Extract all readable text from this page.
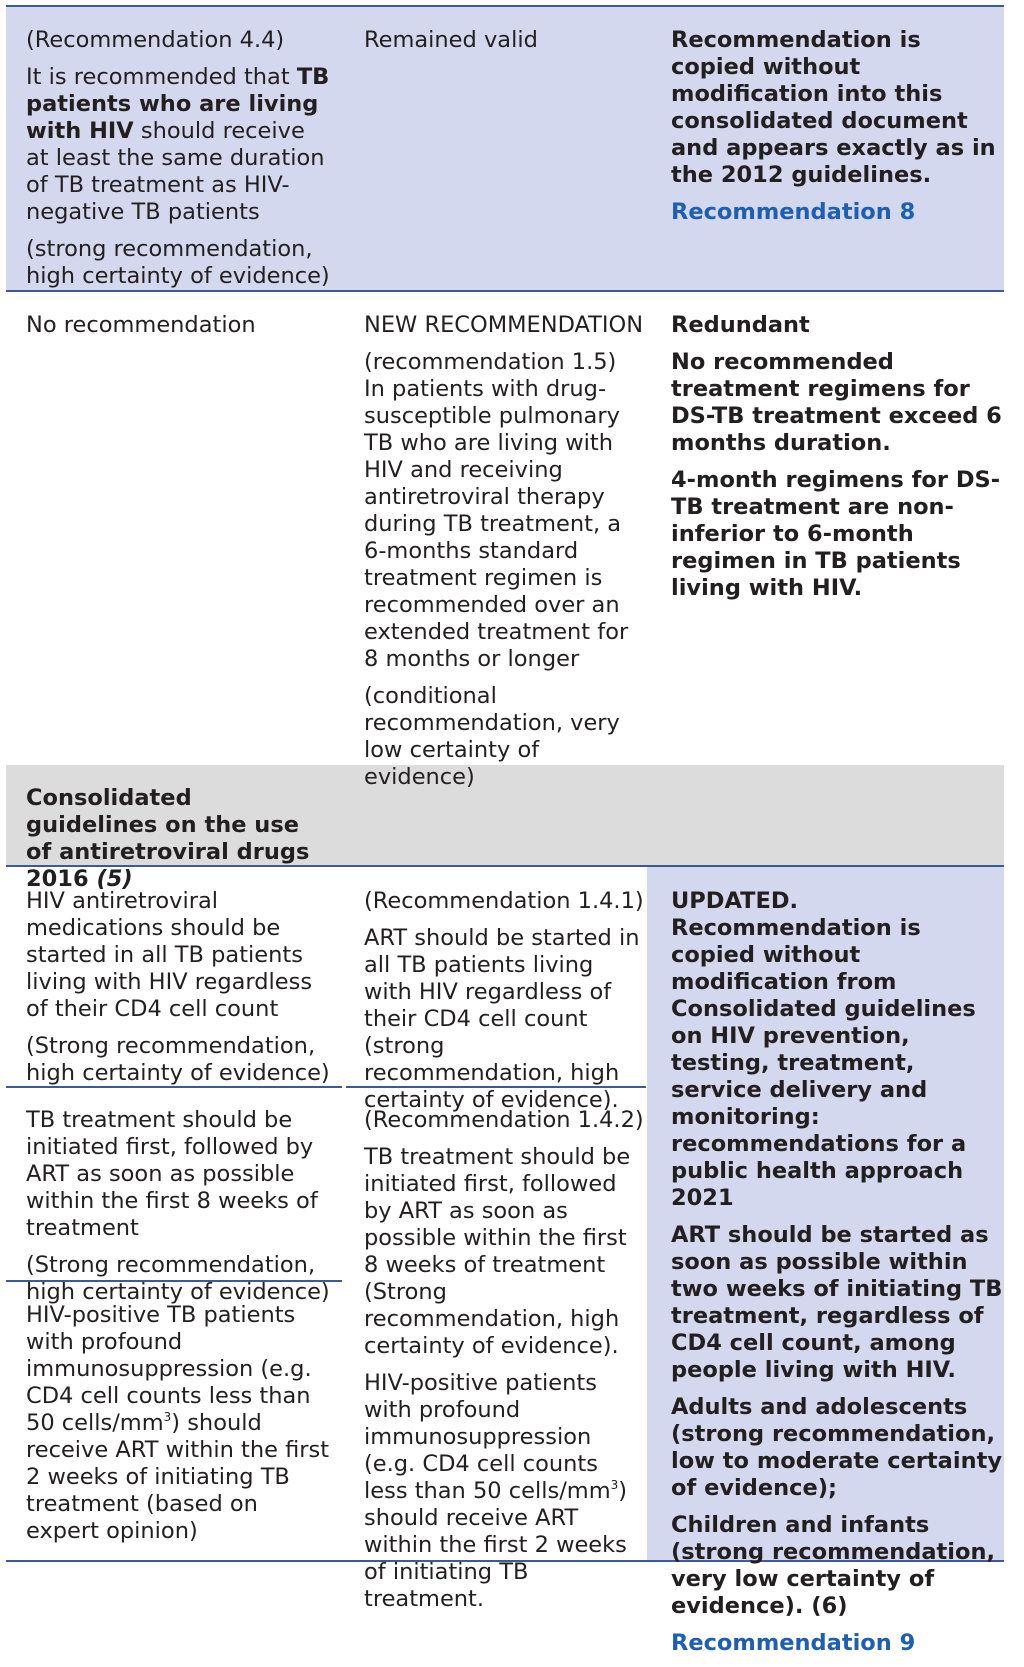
(Recommendation 4.4)

It is recommended that TB patients who are living with HIV should receive at least the same duration of TB treatment as HIV-negative TB patients

(strong recommendation, high certainty of evidence)

Remained valid	Recommendation is copied without modification into this consolidated document and appears exactly as in the 2012 guidelines.

Recommendation 8

No recommendation	NEW RECOMMENDATION

(recommendation 1.5)

In patients with drug-susceptible pulmonary TB who are living with HIV and receiving antiretroviral therapy during TB treatment, a 6-months standard treatment regimen is recommended over an extended treatment for 8 months or longer

(conditional recommendation, very low certainty of evidence)

Redundant

No recommended treatment regimens for DS-TB treatment exceed 6 months duration.

4-month regimens for DS-TB treatment are non-inferior to 6-month regimen in TB patients living with HIV.

Consolidated guidelines on the use of antiretroviral drugs 2016 (5)

HIV antiretroviral medications should be started in all TB patients living with HIV regardless of their CD4 cell count

(Strong recommendation, high certainty of evidence)

TB treatment should be initiated first, followed by ART as soon as possible within the first 8 weeks of treatment

(Strong recommendation, high certainty of evidence)

HIV-positive TB patients with profound immunosuppression (e.g. CD4 cell counts less than 50 cells/$mm^3$) should receive ART within the first 2 weeks of initiating TB treatment (based on expert opinion)

(Recommendation 1.4.1)

ART should be started in all TB patients living with HIV regardless of their CD4 cell count (strong recommendation, high certainty of evidence).

(Recommendation 1.4.2)

TB treatment should be initiated first, followed by ART as soon as possible within the first 8 weeks of treatment (Strong recommendation, high certainty of evidence).

HIV-positive patients with profound immunosuppression (e.g. CD4 cell counts less than 50 cells/$mm^3$) should receive ART within the first 2 weeks of initiating TB treatment.

UPDATED. Recommendation is copied without modification from Consolidated guidelines on HIV prevention, testing, treatment, service delivery and monitoring: recommendations for a public health approach 2021

ART should be started as soon as possible within two weeks of initiating TB treatment, regardless of CD4 cell count, among people living with HIV.

Adults and adolescents (strong recommendation, low to moderate certainty of evidence);

Children and infants (strong recommendation, very low certainty of evidence). (6)

Recommendation 9
